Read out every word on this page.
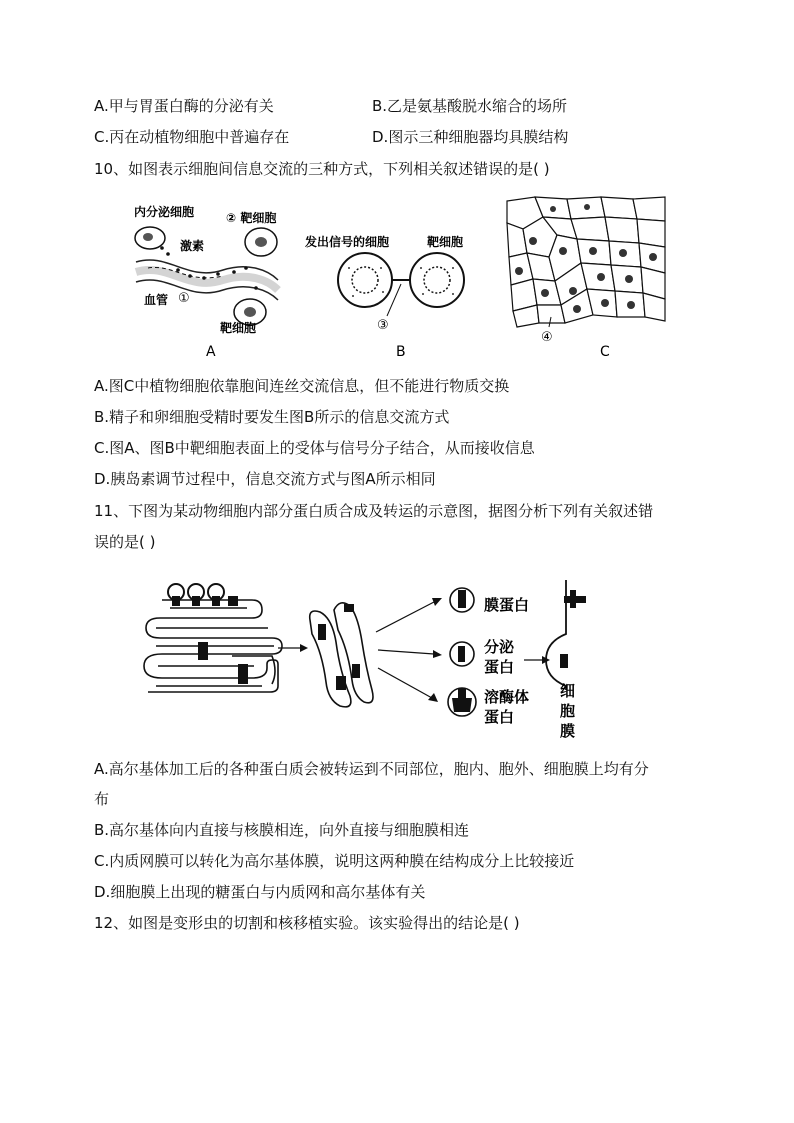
A.甲与胃蛋白酶的分泌有关	B.乙是氨基酸脱水缩合的场所
C.丙在动植物细胞中普遍存在	D.图示三种细胞器均具膜结构
10、如图表示细胞间信息交流的三种方式，下列相关叙述错误的是( )
内分泌细胞	② 靶细胞
激素
血管 ①
靶细胞
A
发出信号的细胞	靶细胞
③
B
④
C
A.图C中植物细胞依靠胞间连丝交流信息，但不能进行物质交换
B.精子和卵细胞受精时要发生图B所示的信息交流方式
C.图A、图B中靶细胞表面上的受体与信号分子结合，从而接收信息
D.胰岛素调节过程中，信息交流方式与图A所示相同
11、下图为某动物细胞内部分蛋白质合成及转运的示意图，据图分析下列有关叙述错
误的是( )
膜蛋白
分泌
蛋白
溶酶体
蛋白
细
胞
膜
A.高尔基体加工后的各种蛋白质会被转运到不同部位，胞内、胞外、细胞膜上均有分
布
B.高尔基体向内直接与核膜相连，向外直接与细胞膜相连
C.内质网膜可以转化为高尔基体膜，说明这两种膜在结构成分上比较接近
D.细胞膜上出现的糖蛋白与内质网和高尔基体有关
12、如图是变形虫的切割和核移植实验。该实验得出的结论是( )
